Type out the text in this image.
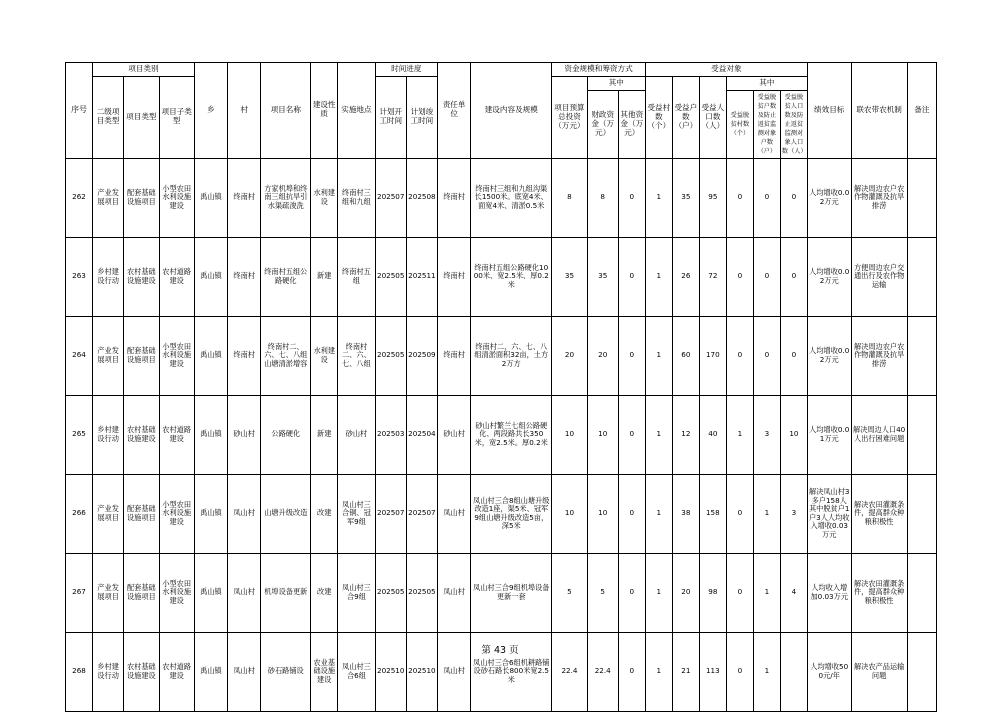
序号	项目类别			乡	村	项目名称	建设性质	实施地点	时间进度		责任单位	建设内容及规模	资金规模和筹资方式			受益对象						绩效目标	联农带农机制	备注
	二级项目类型	项目类型	项目子类型						计划开工时间	计划竣工时间			项目预算总投资（万元）	其中		受益村数（个）	受益户数（户）	受益人口数（人）	其中					
														财政资金（万元）	其他资金（万元）				受益脱贫村数（个）	受益脱贫户数及防止返贫监测对象户数（户）	受益脱贫人口数及防止返贫监测对象人口数（人）			

262	产业发展项目	配套基础设施项目	小型农田水利设施建设	禹山镇	终南村	方家机埠和终南三组抗旱引水渠疏浚洗	水利建设	终南村三组和九组	202507	202508	终南村	终南村三组和九组沟渠长1500米。底宽4米、面宽4米、清淤0.5米	8	8	0	1	35	95	0	0	0	人均增收0.02万元	解决周边农户农作物灌溉及抗旱排涝	
263	乡村建设行动	农村基础设施建设	农村道路建设	禹山镇	终南村	终南村五组公路硬化	新建	终南村五组	202505	202511	终南村	终南村五组公路硬化1000米、宽2.5米、厚0.2米	35	35	0	1	26	72	0	0	0	人均增收0.02万元	方便周边农户交通出行及农作物运输	
264	产业发展项目	配套基础设施项目	小型农田水利设施建设	禹山镇	终南村	终南村二、六、七、八组山塘清淤增容	水利建设	终南村二、六、七、八组	202505	202509	终南村	终南村二、六、七、八组清淤面积32亩，土方2万方	20	20	0	1	60	170	0	0	0	人均增收0.02万元	解决周边农户农作物灌溉及抗旱排涝	
265	乡村建设行动	农村基础设施建设	农村道路建设	禹山镇	砂山村	公路硬化	新建	砂山村	202503	202504	砂山村	砂山村繁兰七组公路硬化、两段路共长350米，宽2.5米。厚0.2米	10	10	0	1	12	40	1	3	10	人均增收0.01万元	解决周边人口40人出行困难问题	
266	产业发展项目	配套基础设施项目	小型农田水利设施建设	禹山镇	凤山村	山塘升级改造	改建	凤山村三合铜、冠军9组	202507	202507	凤山村	凤山村三合8组山塘升级改造1座，渠5米、冠军9组山塘升级改造5亩，深5米	10	10	0	1	38	158	0	1	3	解决凤山村3多户158人其中脱贫户1户3人人均收入增收0.03万元	解决农田灌溉条件，提高群众种粮积极性	
267	产业发展项目	配套基础设施项目	小型农田水利设施建设	禹山镇	凤山村	机埠设备更新	改建	凤山村三合9组	202505	202505	凤山村	凤山村三合9组机埠设备更新一套	5	5	0	1	20	98	0	1	4	人均收入增加0.03万元	解决农田灌溉条件，提高群众种粮积极性	
268	乡村建设行动	农村基础设施建设	农村道路建设	禹山镇	凤山村	砂石路铺设	农业基础设施建设	凤山村三合6组	202510	202510	凤山村	凤山村三合6组机耕路铺设砂石路长800米宽2.5米	22.4	22.4	0	1	21	113	0	1		人均增收500元/年	解决农产品运输问题	
第 43 页
